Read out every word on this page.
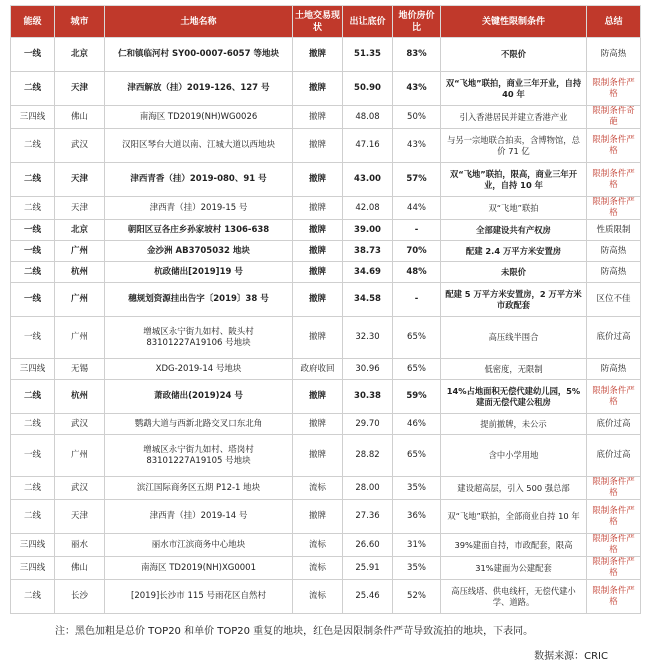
能级	城市	土地名称	土地交易现状	出让底价	地价房价比	关键性限制条件	总结
一线	北京	仁和镇临河村 SY00-0007-6057 等地块	撤牌	51.35	83%	不限价	防高热
二线	天津	津西解放（挂）2019-126、127 号	撤牌	50.90	43%	双“飞地”联拍，商业三年开业，自持 40 年	限制条件严格
三四线	佛山	南海区 TD2019(NH)WG0026	撤牌	48.08	50%	引入香港居民并建立香港产业	限制条件奇葩
二线	武汉	汉阳区琴台大道以南、江城大道以西地块	撤牌	47.16	43%	与另一宗地联合拍卖，含博物馆，总价 71 亿	限制条件严格
二线	天津	津西青香（挂）2019-080、91 号	撤牌	43.00	57%	双“飞地”联拍，限高，商业三年开业，自持 10 年	限制条件严格
二线	天津	津西青（挂）2019-15 号	撤牌	42.08	44%	双“飞地”联拍	限制条件严格
一线	北京	朝阳区豆各庄乡孙家坡村 1306-638	撤牌	39.00	-	全部建设共有产权房	性质限制
一线	广州	金沙洲 AB3705032 地块	撤牌	38.73	70%	配建 2.4 万平方米安置房	防高热
二线	杭州	杭政储出[2019]19 号	撤牌	34.69	48%	未限价	防高热
一线	广州	穗规划资源挂出告字〔2019〕38 号	撤牌	34.58	-	配建 5 万平方米安置房，2 万平方米市政配套	区位不佳
一线	广州	增城区永宁街九如村、陂头村 83101227A19106 号地块	撤牌	32.30	65%	高压线半围合	底价过高
三四线	无锡	XDG-2019-14 号地块	政府收回	30.96	65%	低密度，无限制	防高热
二线	杭州	萧政储出(2019)24 号	撤牌	30.38	59%	14%占地面积无偿代建幼儿园，5%建面无偿代建公租房	限制条件严格
二线	武汉	鹦鹉大道与西新北路交叉口东北角	撤牌	29.70	46%	提前撤牌，未公示	底价过高
一线	广州	增城区永宁街九如村、塔岗村 83101227A19105 号地块	撤牌	28.82	65%	含中小学用地	底价过高
二线	武汉	滨江国际商务区五期 P12-1 地块	流标	28.00	35%	建设超高层，引入 500 强总部	限制条件严格
二线	天津	津西青（挂）2019-14 号	撤牌	27.36	36%	双“飞地”联拍，全部商业自持 10 年	限制条件严格
三四线	丽水	丽水市江滨商务中心地块	流标	26.60	31%	39%建面自持，市政配套，限高	限制条件严格
三四线	佛山	南海区 TD2019(NH)XG0001	流标	25.91	35%	31%建面为公建配套	限制条件严格
二线	长沙	[2019]长沙市 115 号雨花区自然村	流标	25.46	52%	高压线塔、供电线杆，无偿代建小学、道路。	限制条件严格
注：黑色加粗是总价 TOP20 和单价 TOP20 重复的地块，红色是因限制条件严苛导致流拍的地块，下表同。
数据来源：CRIC
